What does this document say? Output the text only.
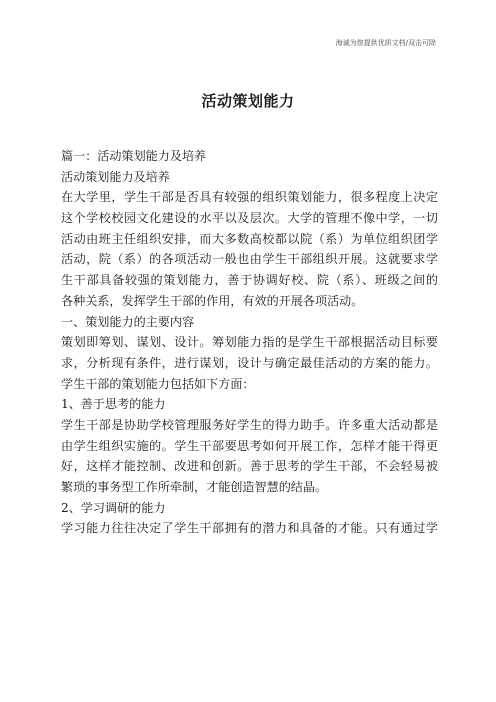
海诚为您提供优质文档/双击可除
活动策划能力
篇一：活动策划能力及培养
活动策划能力及培养
在大学里，学生干部是否具有较强的组织策划能力，很多程度上决定
这个学校校园文化建设的水平以及层次。大学的管理不像中学，一切
活动由班主任组织安排，而大多数高校都以院（系）为单位组织团学
活动，院（系）的各项活动一般也由学生干部组织开展。这就要求学
生干部具备较强的策划能力，善于协调好校、院（系）、班级之间的
各种关系，发挥学生干部的作用，有效的开展各项活动。
一、策划能力的主要内容
策划即筹划、谋划、设计。筹划能力指的是学生干部根据活动目标要
求，分析现有条件，进行谋划，设计与确定最佳活动的方案的能力。
学生干部的策划能力包括如下方面：
1、善于思考的能力
学生干部是协助学校管理服务好学生的得力助手。许多重大活动都是
由学生组织实施的。学生干部要思考如何开展工作，怎样才能干得更
好，这样才能控制、改进和创新。善于思考的学生干部，不会轻易被
繁琐的事务型工作所牵制，才能创造智慧的结晶。
2、学习调研的能力
学习能力往往决定了学生干部拥有的潜力和具备的才能。只有通过学
